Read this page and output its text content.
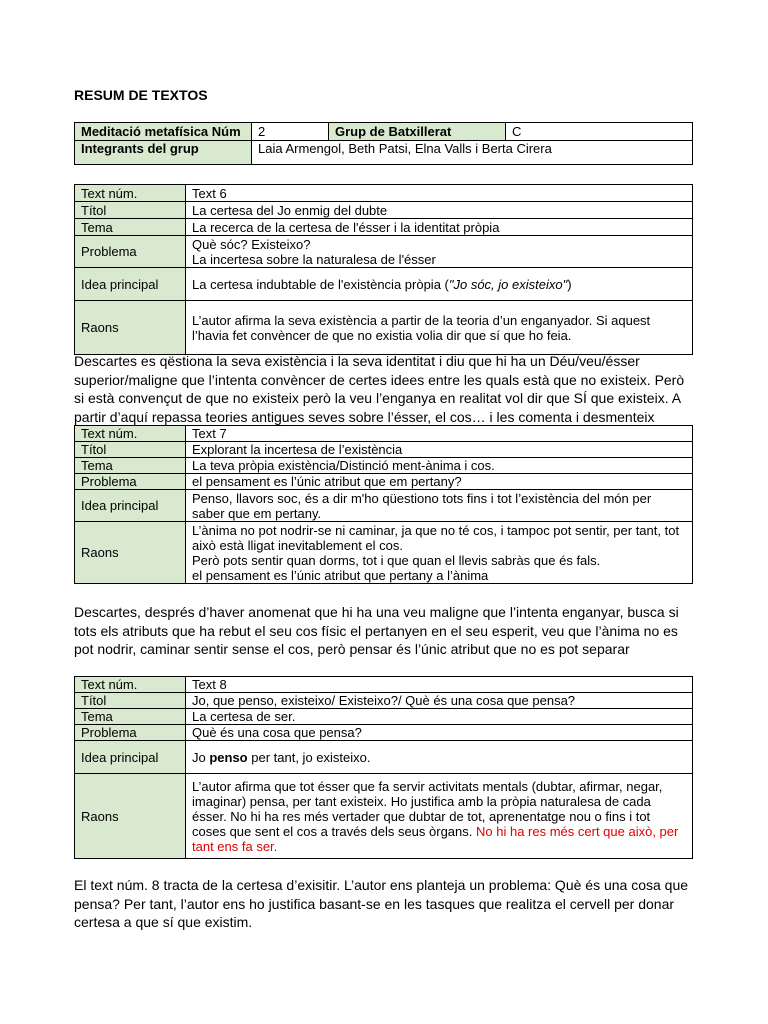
RESUM DE TEXTOS
Meditació metafísica Núm	2	Grup de Batxillerat	C
Integrants del grup	Laia Armengol, Beth Patsi, Elna Valls i Berta Cirera		
Text núm.	Text 6
Títol	La certesa del Jo enmig del dubte
Tema	La recerca de la certesa de l'ésser i la identitat pròpia
Problema	Què sóc? Existeixo?
La incertesa sobre la naturalesa de l'ésser

Idea principal	La certesa indubtable de l'existència pròpia ("Jo sóc, jo existeixo")
Raons	L’autor afirma la seva existència a partir de la teoria d’un enganyador. Si aquest l’havia fet convèncer de que no existia volia dir que sí que ho feia.

Descartes es qëstiona la seva existència i la seva identitat i diu que hi ha un Déu/veu/ésser superior/maligne que l’intenta convèncer de certes idees entre les quals està que no existeix. Però si està convençut de que no existeix però la veu l’enganya en realitat vol dir que SÍ que existeix. A partir d’aquí repassa teories antigues seves sobre l’ésser, el cos… i les comenta i desmenteix

Text núm.	Text 7
Títol	Explorant la incertesa de l’existència
Tema	La teva pròpia existència/Distinció ment-ànima i cos.
Problema	el pensament es l’únic atribut que em pertany?
Idea principal	Penso, llavors soc, és a dir m'ho qüestiono tots fins i tot l’existència del món per saber que em pertany.
Raons	L’ànima no pot nodrir-se ni caminar, ja que no té cos, i tampoc pot sentir, per tant, tot això està lligat inevitablement el cos.
Però pots sentir quan dorms, tot i que quan el llevis sabràs que és fals.
el pensament es l’únic atribut que pertany a l’ànima

Descartes, després d’haver anomenat que hi ha una veu maligne que l’intenta enganyar, busca si tots els atributs que ha rebut el seu cos físic el pertanyen en el seu esperit, veu que l’ànima no es pot nodrir, caminar sentir sense el cos, però pensar és l’únic atribut que no es pot separar

Text núm.	Text 8
Títol	Jo, que penso, existeixo/ Existeixo?/ Què és una cosa que pensa?
Tema	La certesa de ser.
Problema	Què és una cosa que pensa?
Idea principal	Jo penso per tant, jo existeixo.
Raons	L’autor afirma que tot ésser que fa servir activitats mentals (dubtar, afirmar, negar, imaginar) pensa, per tant existeix. Ho justifica amb la pròpia naturalesa de cada ésser. No hi ha res més vertader que dubtar de tot, aprenentatge nou o fins i tot coses que sent el cos a través dels seus òrgans. No hi ha res més cert que això, per tant ens fa ser.

El text núm. 8 tracta de la certesa d’exisitir. L’autor ens planteja un problema: Què és una cosa que pensa? Per tant, l’autor ens ho justifica basant-se en les tasques que realitza el cervell per donar certesa a que sí que existim.
